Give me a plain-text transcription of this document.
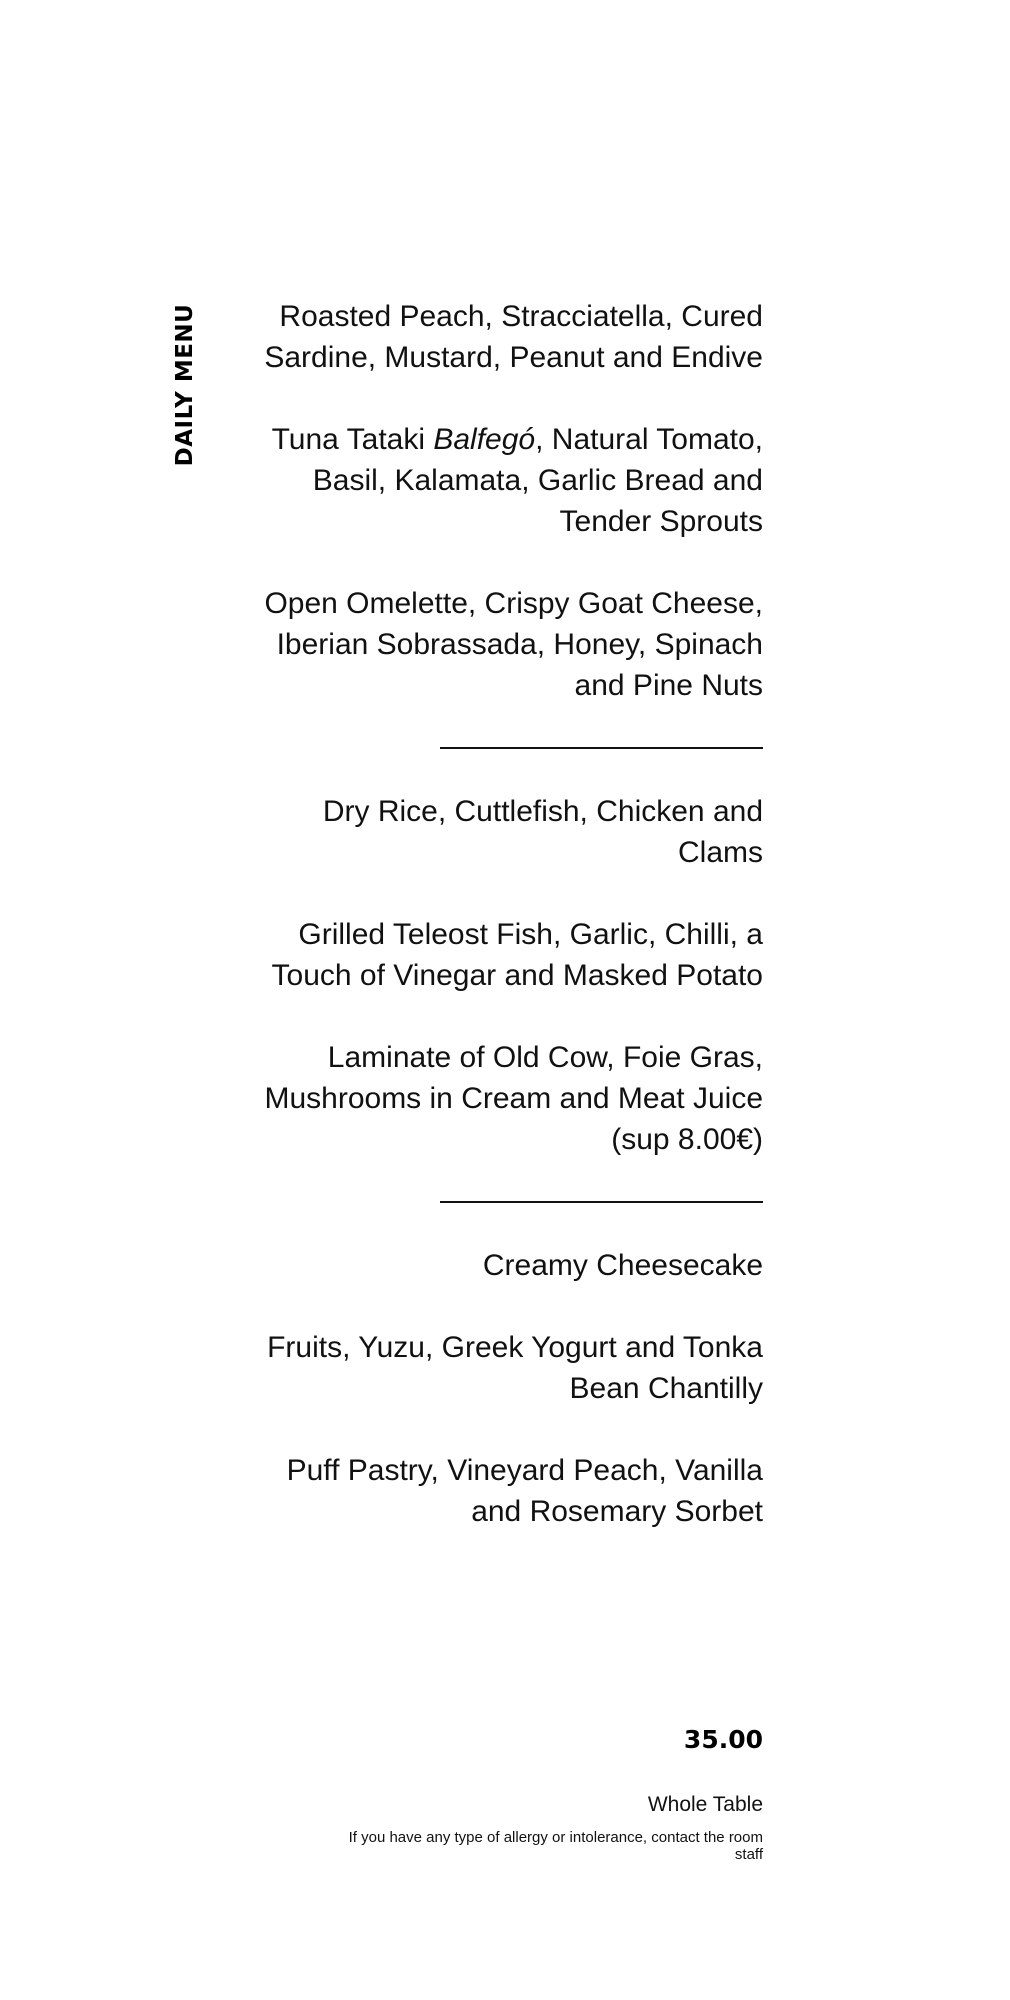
DAILY MENU	Roasted Peach, Stracciatella, Cured Sardine, Mustard, Peanut and Endive
Tuna Tataki Balfegó, Natural Tomato, Basil, Kalamata, Garlic Bread and Tender Sprouts
Open Omelette, Crispy Goat Cheese, Iberian Sobrassada, Honey, Spinach and Pine Nuts
Dry Rice, Cuttlefish, Chicken and Clams
Grilled Teleost Fish, Garlic, Chilli, a Touch of Vinegar and Masked Potato
Laminate of Old Cow, Foie Gras, Mushrooms in Cream and Meat Juice (sup 8.00€)
Creamy Cheesecake
Fruits, Yuzu, Greek Yogurt and Tonka Bean Chantilly
Puff Pastry, Vineyard Peach, Vanilla and Rosemary Sorbet
35.00
Whole Table
If you have any type of allergy or intolerance, contact the room staff
